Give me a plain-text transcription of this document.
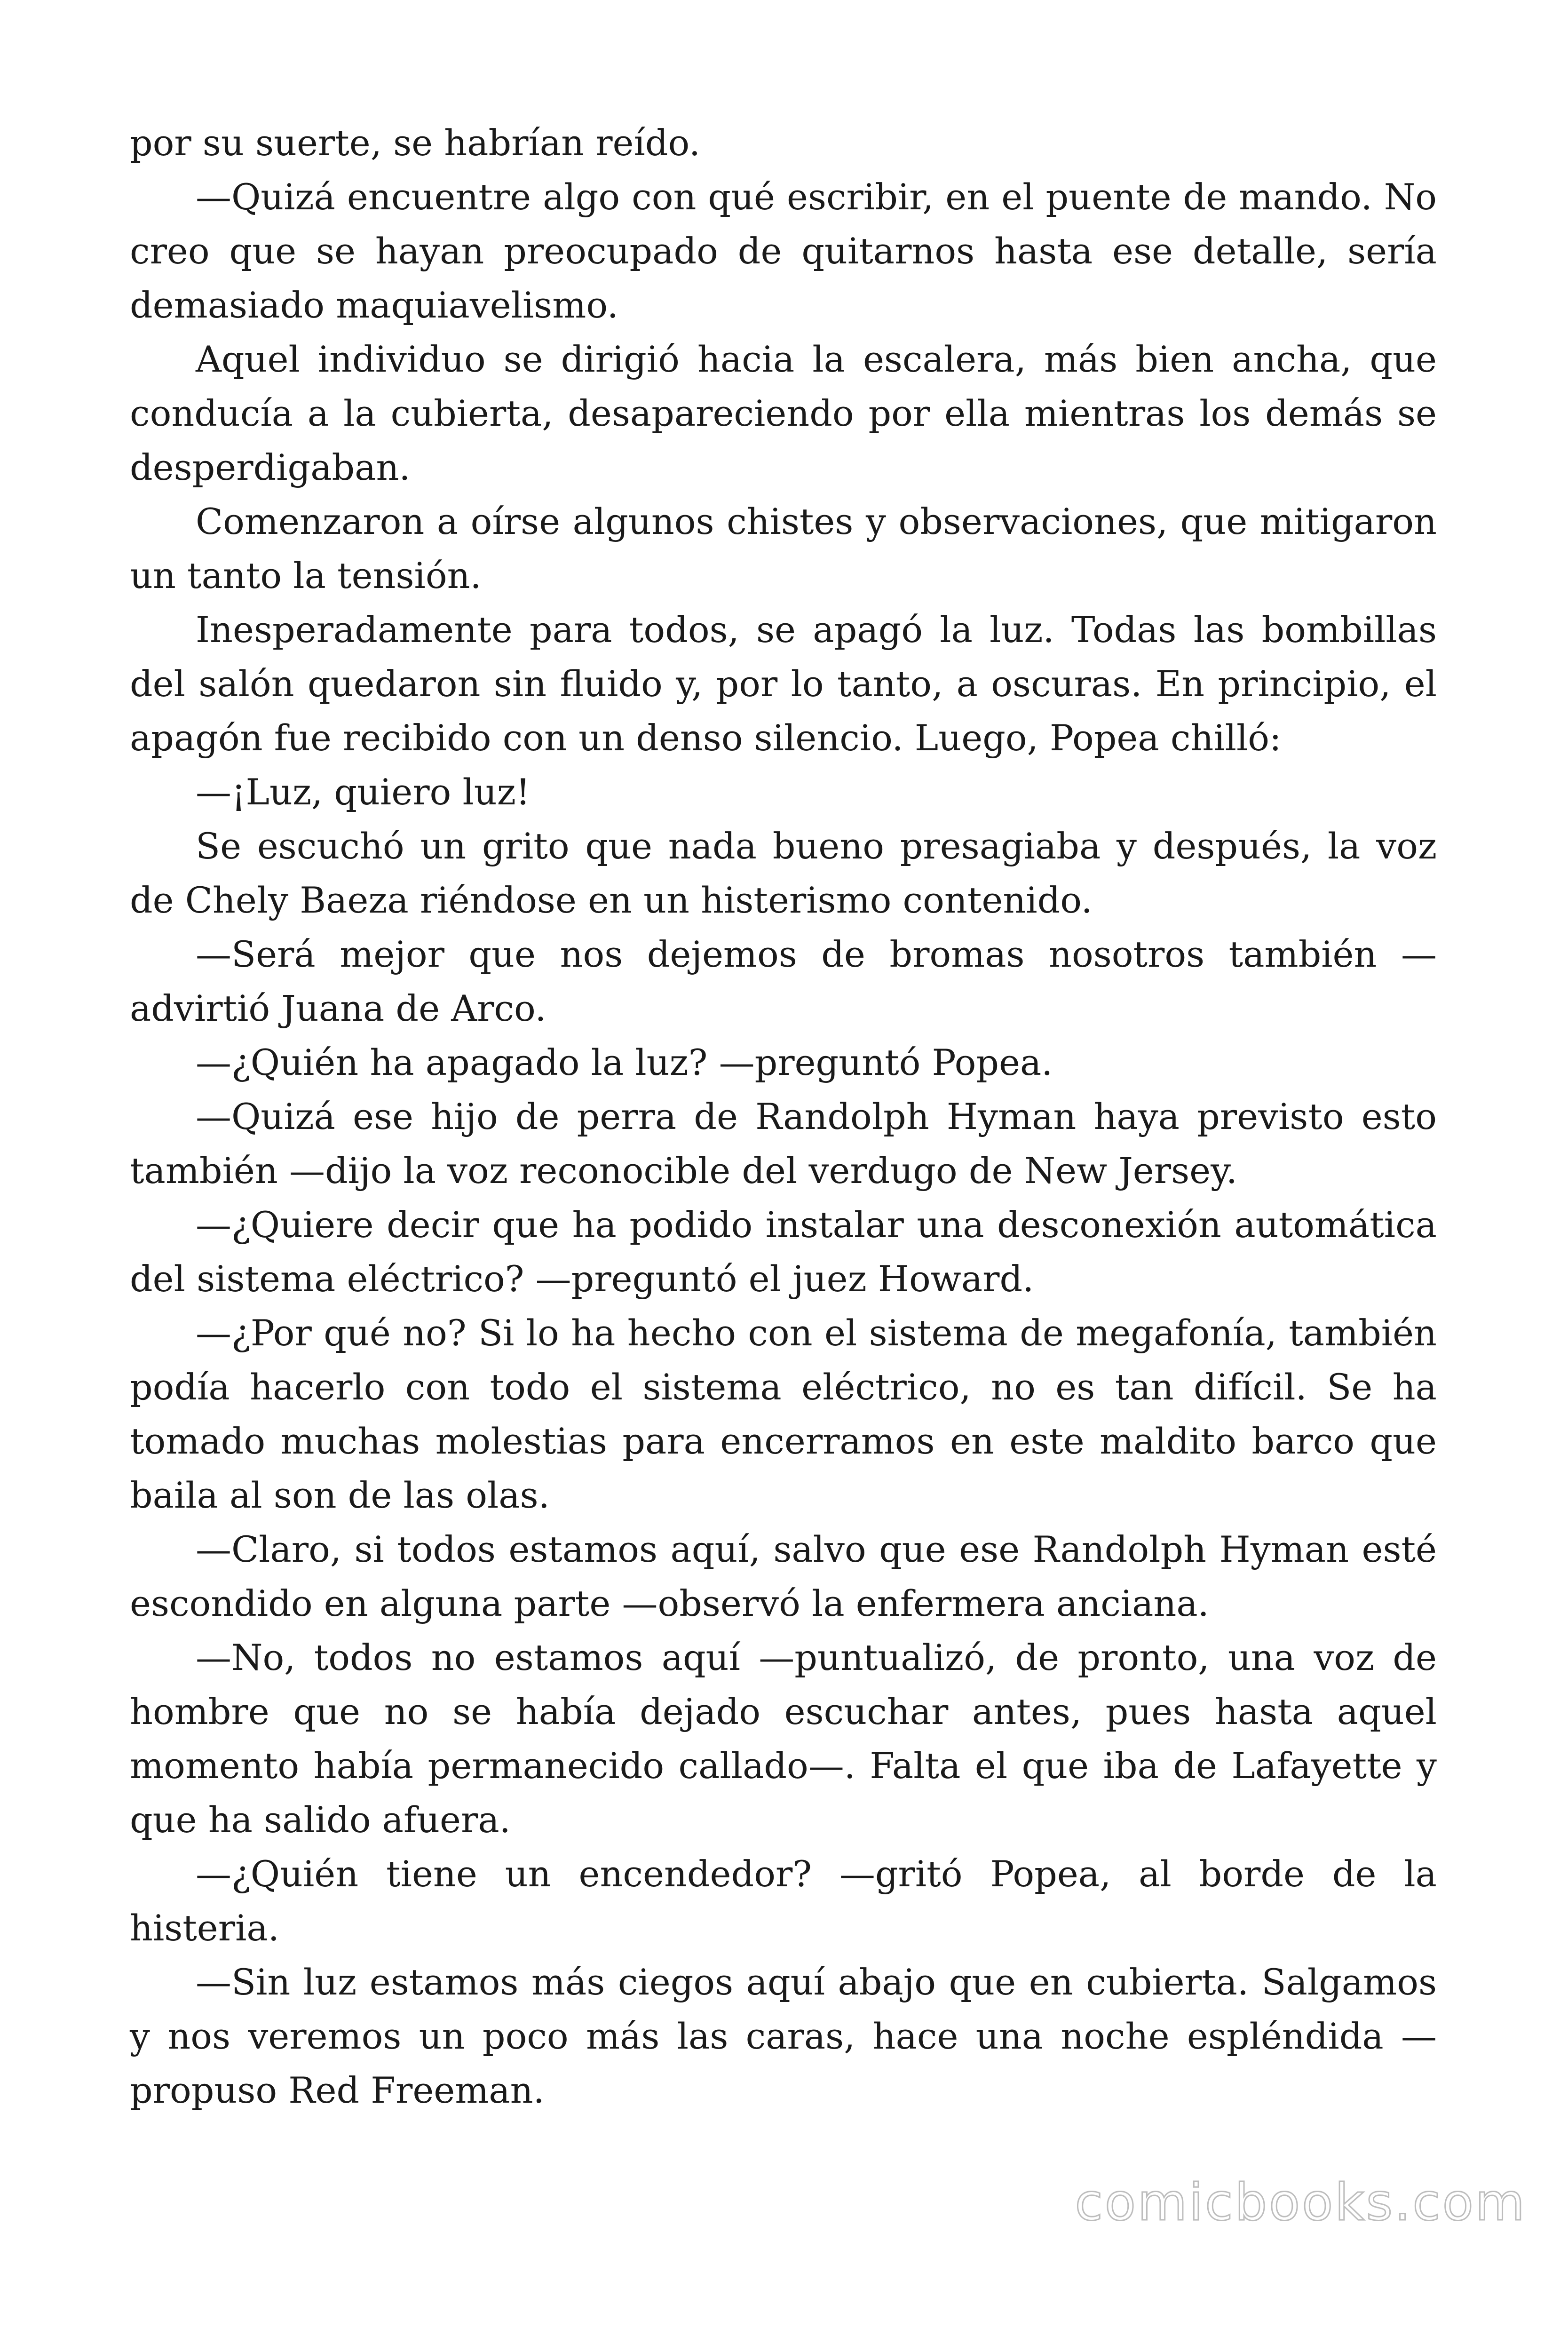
por su suerte, se habrían reído.

—Quizá encuentre algo con qué escribir, en el puente de mando. No creo que se hayan preocupado de quitarnos hasta ese detalle, sería demasiado maquiavelismo.

Aquel individuo se dirigió hacia la escalera, más bien ancha, que conducía a la cubierta, desapareciendo por ella mientras los demás se desperdigaban.

Comenzaron a oírse algunos chistes y observaciones, que mitigaron un tanto la tensión.

Inesperadamente para todos, se apagó la luz. Todas las bombillas del salón quedaron sin fluido y, por lo tanto, a oscuras. En principio, el apagón fue recibido con un denso silencio. Luego, Popea chilló:

—¡Luz, quiero luz!

Se escuchó un grito que nada bueno presagiaba y después, la voz de Chely Baeza riéndose en un histerismo contenido.

—Será mejor que nos dejemos de bromas nosotros también —advirtió Juana de Arco.

—¿Quién ha apagado la luz? —preguntó Popea.

—Quizá ese hijo de perra de Randolph Hyman haya previsto esto también —dijo la voz reconocible del verdugo de New Jersey.

—¿Quiere decir que ha podido instalar una desconexión automática del sistema eléctrico? —preguntó el juez Howard.

—¿Por qué no? Si lo ha hecho con el sistema de megafonía, también podía hacerlo con todo el sistema eléctrico, no es tan difícil. Se ha tomado muchas molestias para encerramos en este maldito barco que baila al son de las olas.

—Claro, si todos estamos aquí, salvo que ese Randolph Hyman esté escondido en alguna parte —observó la enfermera anciana.

—No, todos no estamos aquí —puntualizó, de pronto, una voz de hombre que no se había dejado escuchar antes, pues hasta aquel momento había permanecido callado—. Falta el que iba de Lafayette y que ha salido afuera.

—¿Quién tiene un encendedor? —gritó Popea, al borde de la histeria.

—Sin luz estamos más ciegos aquí abajo que en cubierta. Salgamos y nos veremos un poco más las caras, hace una noche espléndida —propuso Red Freeman.

comicbooks.com
